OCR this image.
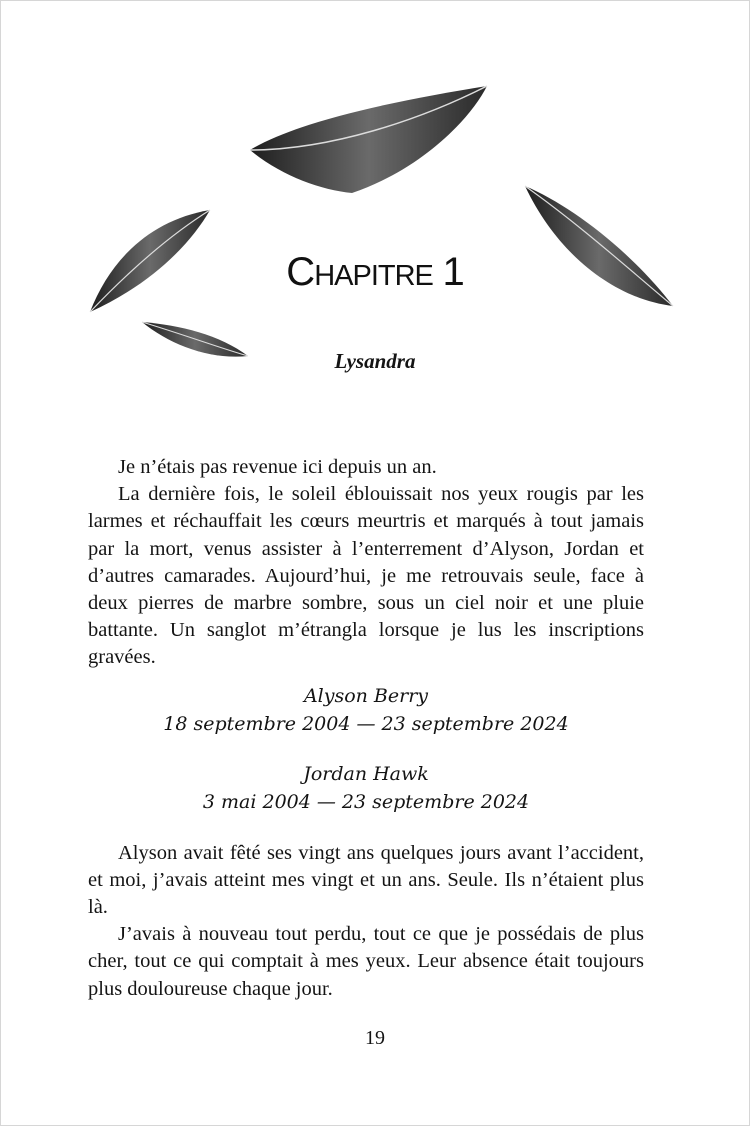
CHAPITRE 1
Lysandra

Je n’étais pas revenue ici depuis un an.

La dernière fois, le soleil éblouissait nos yeux rougis par les larmes et réchauffait les cœurs meurtris et marqués à tout jamais par la mort, venus assister à l’enterrement d’Alyson, Jordan et d’autres camarades. Aujourd’hui, je me retrouvais seule, face à deux pierres de marbre sombre, sous un ciel noir et une pluie battante. Un sanglot m’étrangla lorsque je lus les inscriptions gravées.

Alyson Berry
18 septembre 2004 — 23 septembre 2024
Jordan Hawk
3 mai 2004 — 23 septembre 2024

Alyson avait fêté ses vingt ans quelques jours avant l’accident, et moi, j’avais atteint mes vingt et un ans. Seule. Ils n’étaient plus là.

J’avais à nouveau tout perdu, tout ce que je possédais de plus cher, tout ce qui comptait à mes yeux. Leur absence était toujours plus douloureuse chaque jour.

19
